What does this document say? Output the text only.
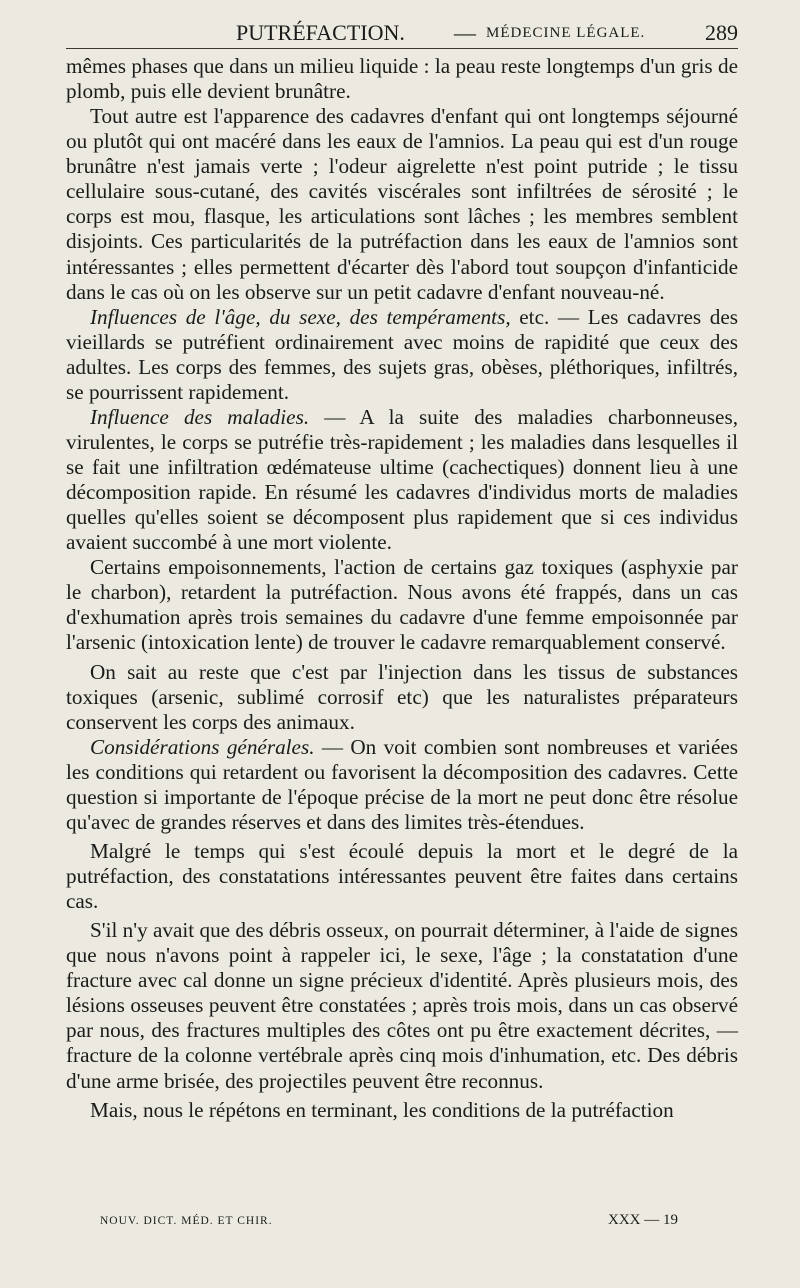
PUTRÉFACTION. — MÉDECINE LÉGALE.	289

mêmes phases que dans un milieu liquide : la peau reste longtemps d'un gris de plomb, puis elle devient brunâtre.

Tout autre est l'apparence des cadavres d'enfant qui ont longtemps séjourné ou plutôt qui ont macéré dans les eaux de l'amnios. La peau qui est d'un rouge brunâtre n'est jamais verte ; l'odeur aigrelette n'est point putride ; le tissu cellulaire sous-cutané, des cavités viscérales sont infiltrées de sérosité ; le corps est mou, flasque, les articulations sont lâches ; les membres semblent disjoints. Ces particularités de la putréfaction dans les eaux de l'amnios sont intéressantes ; elles permettent d'écarter dès l'abord tout soupçon d'infanticide dans le cas où on les observe sur un petit cadavre d'enfant nouveau-né.

Influences de l'âge, du sexe, des tempéraments, etc. — Les cadavres des vieillards se putréfient ordinairement avec moins de rapidité que ceux des adultes. Les corps des femmes, des sujets gras, obèses, pléthoriques, infiltrés, se pourrissent rapidement.

Influence des maladies. — A la suite des maladies charbonneuses, virulentes, le corps se putréfie très-rapidement ; les maladies dans lesquelles il se fait une infiltration œdémateuse ultime (cachectiques) donnent lieu à une décomposition rapide. En résumé les cadavres d'individus morts de maladies quelles qu'elles soient se décomposent plus rapidement que si ces individus avaient succombé à une mort violente.

Certains empoisonnements, l'action de certains gaz toxiques (asphyxie par le charbon), retardent la putréfaction. Nous avons été frappés, dans un cas d'exhumation après trois semaines du cadavre d'une femme empoisonnée par l'arsenic (intoxication lente) de trouver le cadavre remarquablement conservé.

On sait au reste que c'est par l'injection dans les tissus de substances toxiques (arsenic, sublimé corrosif etc) que les naturalistes préparateurs conservent les corps des animaux.

Considérations générales. — On voit combien sont nombreuses et variées les conditions qui retardent ou favorisent la décomposition des cadavres. Cette question si importante de l'époque précise de la mort ne peut donc être résolue qu'avec de grandes réserves et dans des limites très-étendues.

Malgré le temps qui s'est écoulé depuis la mort et le degré de la putréfaction, des constatations intéressantes peuvent être faites dans certains cas.

S'il n'y avait que des débris osseux, on pourrait déterminer, à l'aide de signes que nous n'avons point à rappeler ici, le sexe, l'âge ; la constatation d'une fracture avec cal donne un signe précieux d'identité. Après plusieurs mois, des lésions osseuses peuvent être constatées ; après trois mois, dans un cas observé par nous, des fractures multiples des côtes ont pu être exactement décrites, — fracture de la colonne vertébrale après cinq mois d'inhumation, etc. Des débris d'une arme brisée, des projectiles peuvent être reconnus.

Mais, nous le répétons en terminant, les conditions de la putréfaction

NOUV. DICT. MÉD. ET CHIR.	XXX — 19
